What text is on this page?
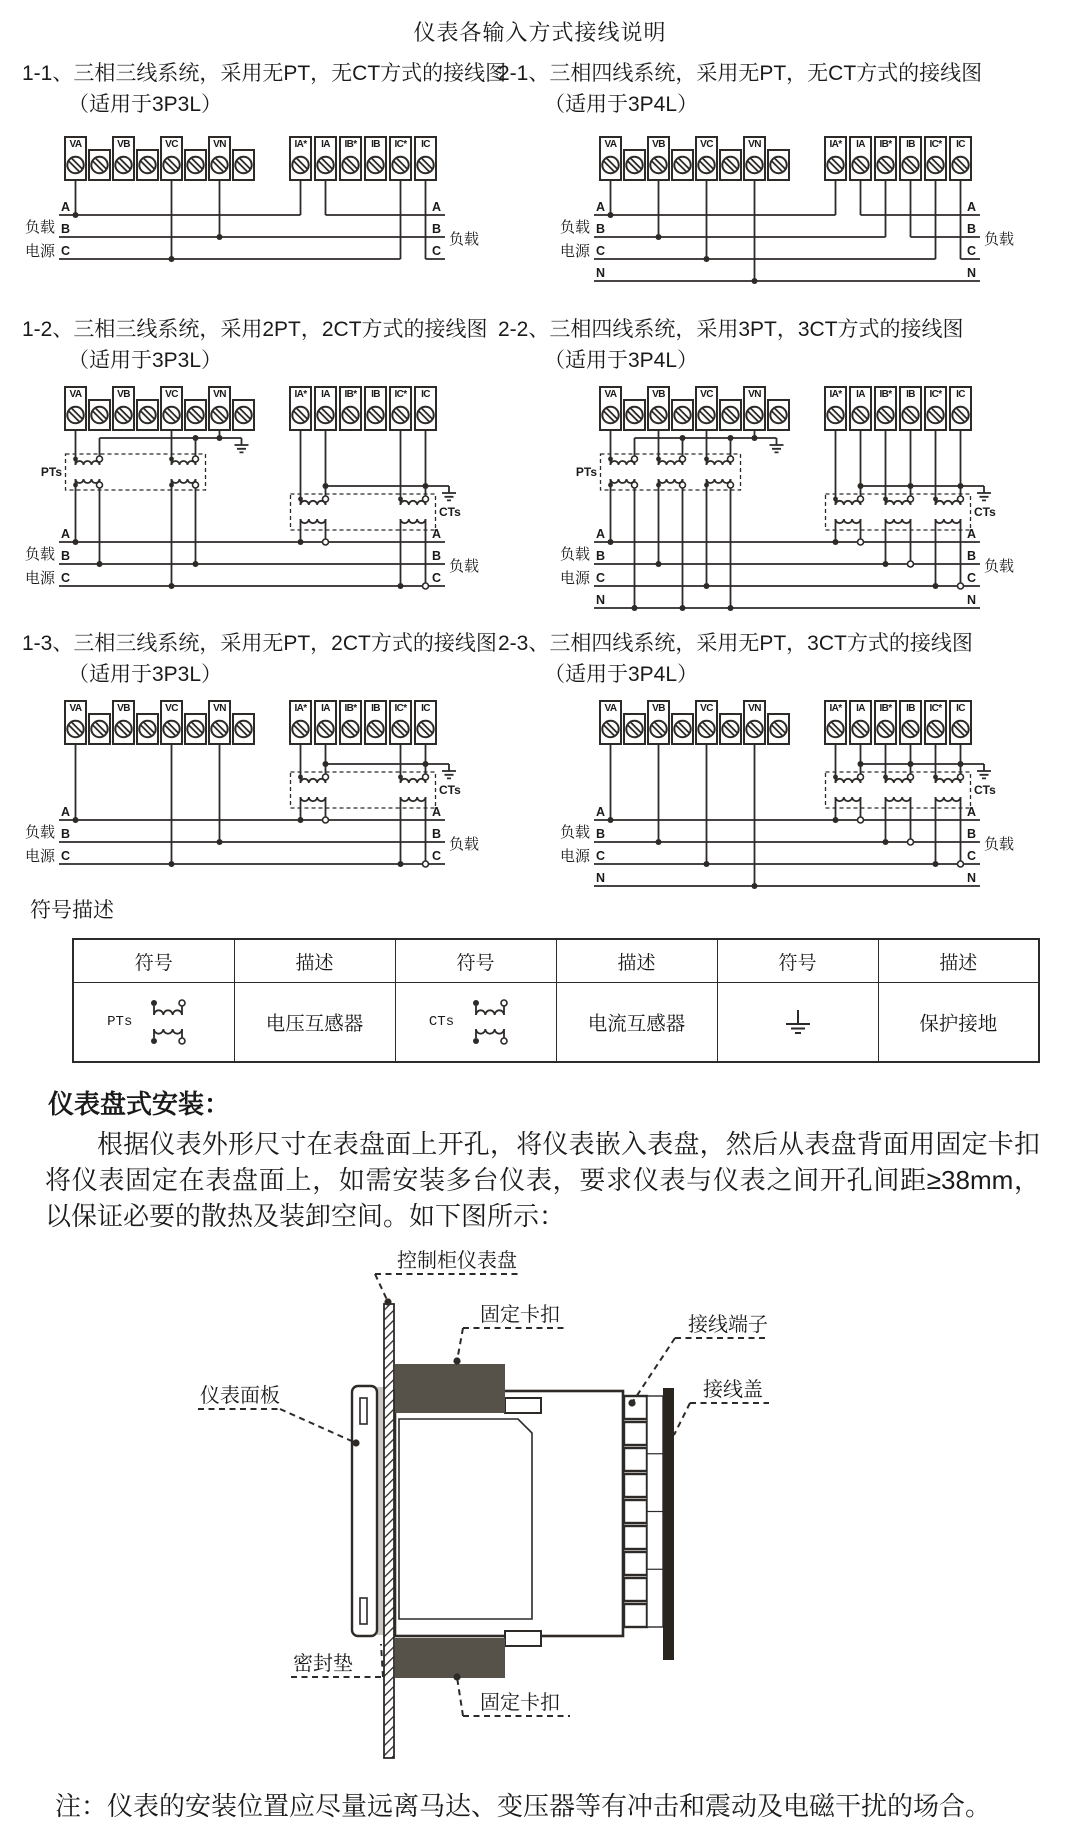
仪表各输入方式接线说明
1-1、三相三线系统，采用无PT，无CT方式的接线图
（适用于3P3L）
2-1、三相四线系统，采用无PT，无CT方式的接线图
（适用于3P4L）
A	A
B	B
C	C
负载
电源
负载
VA	VB	VC	VN	IA* IA IB* IB IC* IC
A	A
B	B
C	C
N	N
负载
电源
负载
VA	VB	VC	VN	IA* IA IB* IB IC* IC
1-2、三相三线系统，采用2PT，2CT方式的接线图
（适用于3P3L）
2-2、三相四线系统，采用3PT，3CT方式的接线图
（适用于3P4L）
A	A
B	B
C	C
负载
电源
负载
PTs
CTs
VA	VB	VC	VN	IA* IA IB* IB IC* IC
A	A
B	B
C	C
N	N
负载
电源
负载
PTs
CTs
VA	VB	VC	VN	IA* IA IB* IB IC* IC
1-3、三相三线系统，采用无PT，2CT方式的接线图
（适用于3P3L）
2-3、三相四线系统，采用无PT，3CT方式的接线图
（适用于3P4L）
A	A
B	B
C	C
负载
电源
负载
CTs
VA	VB	VC	VN	IA* IA IB* IB IC* IC
A	A
B	B
C	C
N	N
负载
电源
负载
CTs
VA	VB	VC	VN	IA* IA IB* IB IC* IC
符号描述
符号	描述	符号	描述	符号	描述

PTs	电压互感器	CTs	电流互感器		保护接地
仪表盘式安装：
根据仪表外形尺寸在表盘面上开孔，将仪表嵌入表盘，然后从表盘背面用固定卡扣将仪表固定在表盘面上，如需安装多台仪表，要求仪表与仪表之间开孔间距≥38mm，以保证必要的散热及装卸空间。如下图所示：
控制柜仪表盘
固定卡扣
仪表面板
接线端子
接线盖
密封垫
固定卡扣
注：仪表的安装位置应尽量远离马达、变压器等有冲击和震动及电磁干扰的场合。
